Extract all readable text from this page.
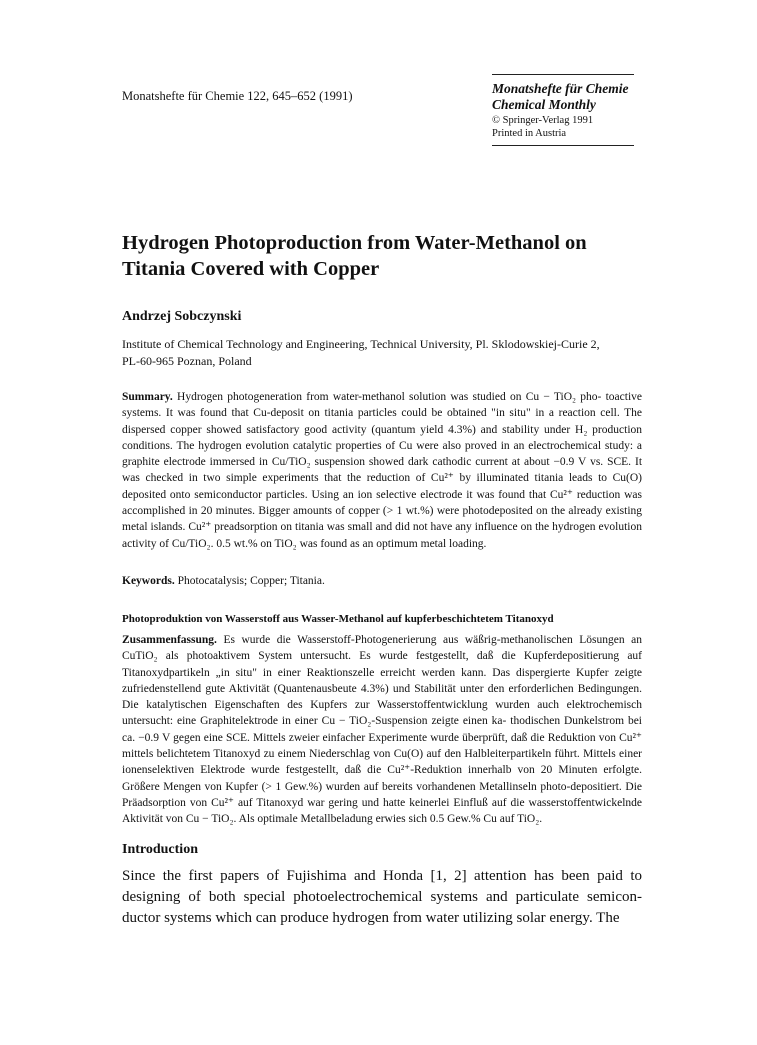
Monatshefte für Chemie 122, 645–652 (1991)	Monatshefte für Chemie
Chemical Monthly
© Springer-Verlag 1991
Printed in Austria
Hydrogen Photoproduction from Water-Methanol on
Titania Covered with Copper
Andrzej Sobczynski
Institute of Chemical Technology and Engineering, Technical University, Pl. Sklodowskiej-Curie 2,
PL-60-965 Poznan, Poland

Summary. Hydrogen photogeneration from water-methanol solution was studied on Cu − TiO₂ pho- toactive systems. It was found that Cu-deposit on titania particles could be obtained "in situ" in a reaction cell. The dispersed copper showed satisfactory good activity (quantum yield 4.3%) and stability under H₂ production conditions. The hydrogen evolution catalytic properties of Cu were also proved in an electrochemical study: a graphite electrode immersed in Cu/TiO₂ suspension showed dark cathodic current at about −0.9 V vs. SCE. It was checked in two simple experiments that the reduction of Cu²⁺ by illuminated titania leads to Cu(O) deposited onto semiconductor particles. Using an ion selective electrode it was found that Cu²⁺ reduction was accomplished in 20 minutes. Bigger amounts of copper (> 1 wt.%) were photodeposited on the already existing metal islands. Cu²⁺ preadsorption on titania was small and did not have any influence on the hydrogen evolution activity of Cu/TiO₂. 0.5 wt.% on TiO₂ was found as an optimum metal loading.

Keywords. Photocatalysis; Copper; Titania.

Photoproduktion von Wasserstoff aus Wasser-Methanol auf kupferbeschichtetem Titanoxyd

Zusammenfassung. Es wurde die Wasserstoff-Photogenerierung aus wäßrig-methanolischen Lösungen an CuTiO₂ als photoaktivem System untersucht. Es wurde festgestellt, daß die Kupferdepositierung auf Titanoxydpartikeln „in situ" in einer Reaktionszelle erreicht werden kann. Das dispergierte Kupfer zeigte zufriedenstellend gute Aktivität (Quantenausbeute 4.3%) und Stabilität unter den erforderlichen Bedingungen. Die katalytischen Eigenschaften des Kupfers zur Wasserstoffentwicklung wurden auch elektrochemisch untersucht: eine Graphitelektrode in einer Cu − TiO₂-Suspension zeigte einen ka- thodischen Dunkelstrom bei ca. −0.9 V gegen eine SCE. Mittels zweier einfacher Experimente wurde überprüft, daß die Reduktion von Cu²⁺ mittels belichtetem Titanoxyd zu einem Niederschlag von Cu(O) auf den Halbleiterpartikeln führt. Mittels einer ionenselektiven Elektrode wurde festgestellt, daß die Cu²⁺-Reduktion innerhalb von 20 Minuten erfolgte. Größere Mengen von Kupfer (> 1 Gew.%) wurden auf bereits vorhandenen Metallinseln photo-depositiert. Die Präadsorption von Cu²⁺ auf Titanoxyd war gering und hatte keinerlei Einfluß auf die wasserstoffentwickelnde Aktivität von Cu − TiO₂. Als optimale Metallbeladung erwies sich 0.5 Gew.% Cu auf TiO₂.

Introduction

Since the first papers of Fujishima and Honda [1, 2] attention has been paid to designing of both special photoelectrochemical systems and particulate semicon- ductor systems which can produce hydrogen from water utilizing solar energy. The
